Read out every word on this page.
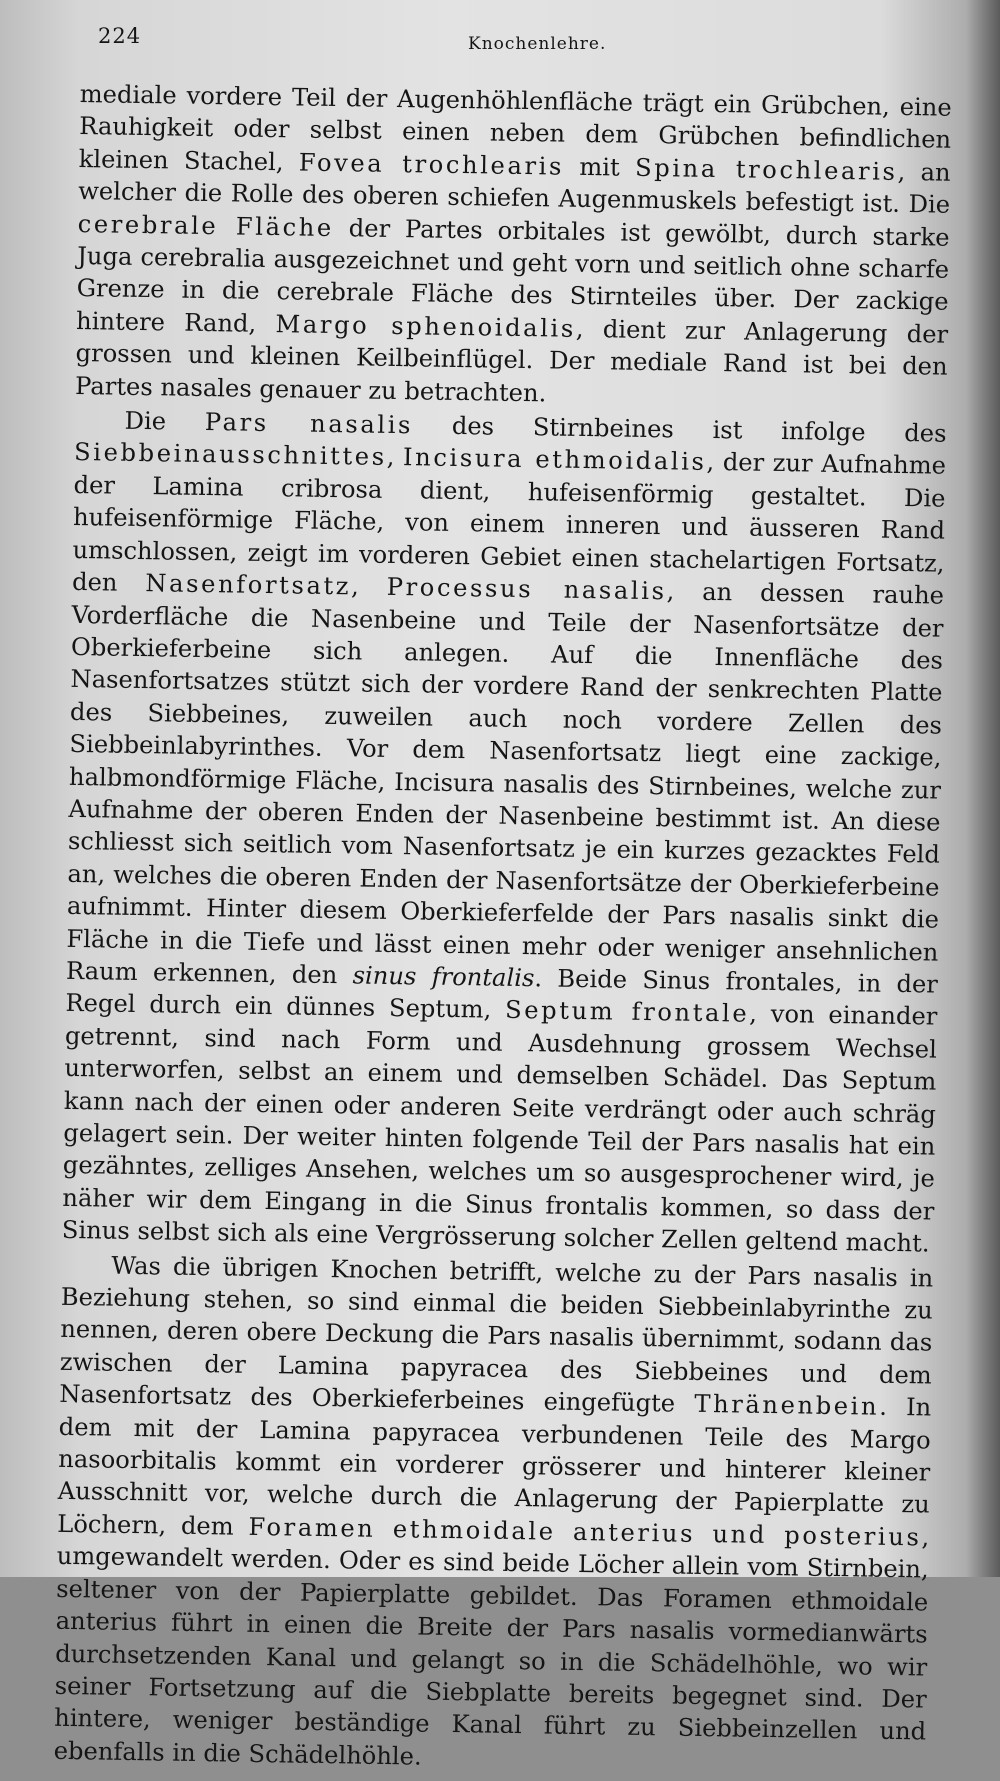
224	Knochenlehre.

mediale vordere Teil der Augenhöhlenfläche trägt ein Grübchen, eine Rauhigkeit oder selbst einen neben dem Grübchen befindlichen kleinen Stachel, Fovea trochlearis mit Spina trochlearis, an welcher die Rolle des oberen schiefen Augenmuskels befestigt ist. Die cerebrale Fläche der Partes orbitales ist gewölbt, durch starke Juga cerebralia ausgezeichnet und geht vorn und seitlich ohne scharfe Grenze in die cerebrale Fläche des Stirnteiles über. Der zackige hintere Rand, Margo sphenoidalis, dient zur Anlagerung der grossen und kleinen Keilbeinflügel. Der mediale Rand ist bei den Partes nasales genauer zu betrachten.

Die Pars nasalis des Stirnbeines ist infolge des Siebbeinausschnittes, Incisura ethmoidalis, der zur Aufnahme der Lamina cribrosa dient, hufeisenförmig gestaltet. Die hufeisenförmige Fläche, von einem inneren und äusseren Rand umschlossen, zeigt im vorderen Gebiet einen stachelartigen Fortsatz, den Nasenfortsatz, Processus nasalis, an dessen rauhe Vorderfläche die Nasenbeine und Teile der Nasenfortsätze der Oberkieferbeine sich anlegen. Auf die Innenfläche des Nasenfortsatzes stützt sich der vordere Rand der senkrechten Platte des Siebbeines, zuweilen auch noch vordere Zellen des Siebbeinlabyrinthes. Vor dem Nasenfortsatz liegt eine zackige, halbmondförmige Fläche, Incisura nasalis des Stirnbeines, welche zur Aufnahme der oberen Enden der Nasenbeine bestimmt ist. An diese schliesst sich seitlich vom Nasenfortsatz je ein kurzes gezacktes Feld an, welches die oberen Enden der Nasenfortsätze der Oberkieferbeine aufnimmt. Hinter diesem Oberkieferfelde der Pars nasalis sinkt die Fläche in die Tiefe und lässt einen mehr oder weniger ansehnlichen Raum erkennen, den sinus frontalis. Beide Sinus frontales, in der Regel durch ein dünnes Septum, Septum frontale, von einander getrennt, sind nach Form und Ausdehnung grossem Wechsel unterworfen, selbst an einem und demselben Schädel. Das Septum kann nach der einen oder anderen Seite verdrängt oder auch schräg gelagert sein. Der weiter hinten folgende Teil der Pars nasalis hat ein gezähntes, zelliges Ansehen, welches um so ausgesprochener wird, je näher wir dem Eingang in die Sinus frontalis kommen, so dass der Sinus selbst sich als eine Vergrösserung solcher Zellen geltend macht.

Was die übrigen Knochen betrifft, welche zu der Pars nasalis in Beziehung stehen, so sind einmal die beiden Siebbeinlabyrinthe zu nennen, deren obere Deckung die Pars nasalis übernimmt, sodann das zwischen der Lamina papyracea des Siebbeines und dem Nasenfortsatz des Oberkieferbeines eingefügte Thränenbein. In dem mit der Lamina papyracea verbundenen Teile des Margo nasoorbitalis kommt ein vorderer grösserer und hinterer kleiner Ausschnitt vor, welche durch die Anlagerung der Papierplatte zu Löchern, dem Foramen ethmoidale anterius und posterius, umgewandelt werden. Oder es sind beide Löcher allein vom Stirnbein, seltener von der Papierplatte gebildet. Das Foramen ethmoidale anterius führt in einen die Breite der Pars nasalis vormedianwärts durchsetzenden Kanal und gelangt so in die Schädelhöhle, wo wir seiner Fortsetzung auf die Siebplatte bereits begegnet sind. Der hintere, weniger beständige Kanal führt zu Siebbeinzellen und ebenfalls in die Schädelhöhle.
